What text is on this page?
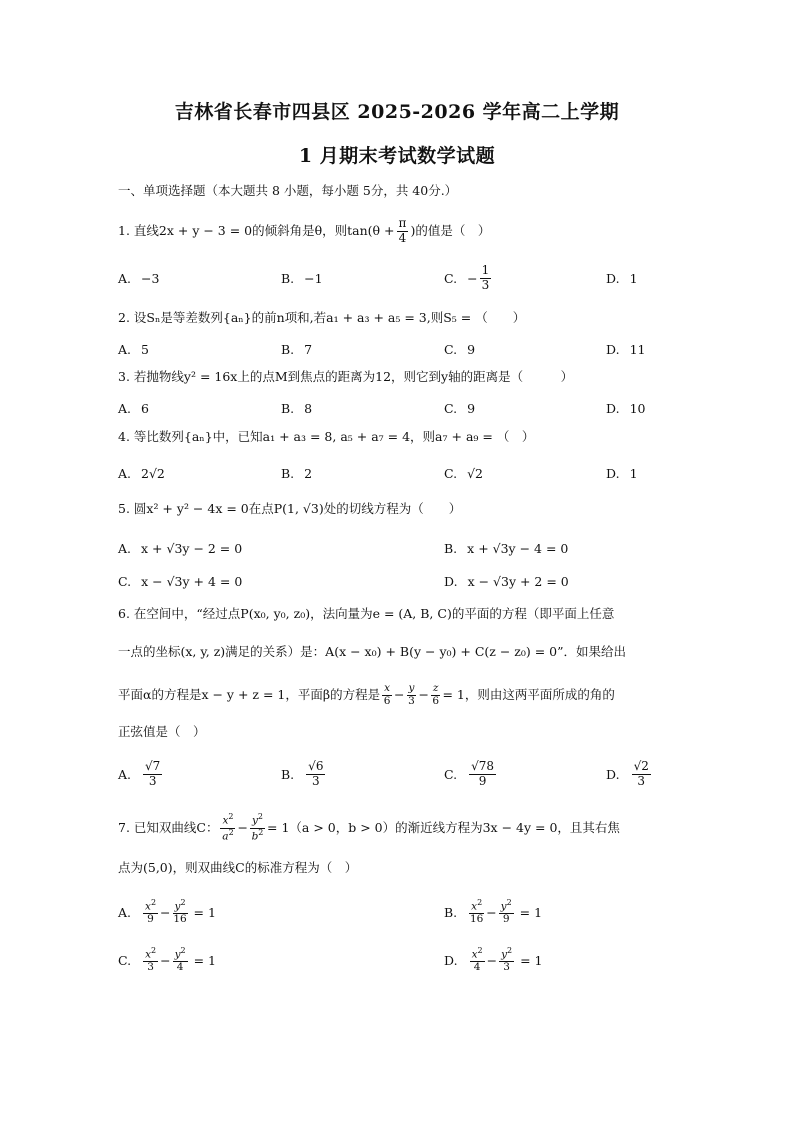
吉林省长春市四县区 2025-2026 学年高二上学期
1 月期末考试数学试题
一、单项选择题（本大题共 8 小题，每小题 5分，共 40分.）
1. 直线2x + y − 3 = 0的倾斜角是θ，则$\tan(\theta + \frac{\pi}{4}$ )的值是（　）
A. −3	B. −1	C. − $\frac{1}{3}$	D. 1
2. 设Sₙ是等差数列{aₙ}的前n项和,若a₁ + a₃ + a₅ = 3,则S₅ = （　　）
A. 5	B. 7	C. 9	D. 11
3. 若抛物线y² = 16x上的点M到焦点的距离为12，则它到y轴的距离是（　　　）
A. 6	B. 8	C. 9	D. 10
4. 等比数列{aₙ}中，已知a₁ + a₃ = 8, a₅ + a₇ = 4，则a₇ + a₉ = （　）
A. 2√2	B. 2	C. √2	D. 1
5. 圆x² + y² − 4x = 0在点P(1, √3)处的切线方程为（　　）
A. x + √3y − 2 = 0	B. x + √3y − 4 = 0
C. x − √3y + 4 = 0	D. x − √3y + 2 = 0
6. 在空间中，“经过点P(x₀, y₀, z₀)，法向量为e = (A, B, C)的平面的方程（即平面上任意
一点的坐标(x, y, z)满足的关系）是：A(x − x₀) + B(y − y₀) + C(z − z₀) = 0”．如果给出
平面α的方程是x − y + z = 1，平面β的方程是 $\frac{x}{6} - \frac{y}{3} - \frac{z}{6} = 1$，则由这两平面所成的角的
正弦值是（　）
A. $\frac{√7}{3}$	B. $\frac{√6}{3}$	C. $\frac{√78}{9}$	D. $\frac{√2}{3}$
7. 已知双曲线C： $\frac{x^2}{a^2} - \frac{y^2}{b^2} = 1(a > 0$，b > 0）的渐近线方程为3x − 4y = 0，且其右焦
点为(5,0)，则双曲线C的标准方程为（　）
A. $\frac{x^2}{9} - \frac{y^2}{16} = 1$	B. $\frac{x^2}{16} - \frac{y^2}{9} = 1$
C. $\frac{x^2}{3} - \frac{y^2}{4} = 1$	D. $\frac{x^2}{4} - \frac{y^2}{3} = 1$
